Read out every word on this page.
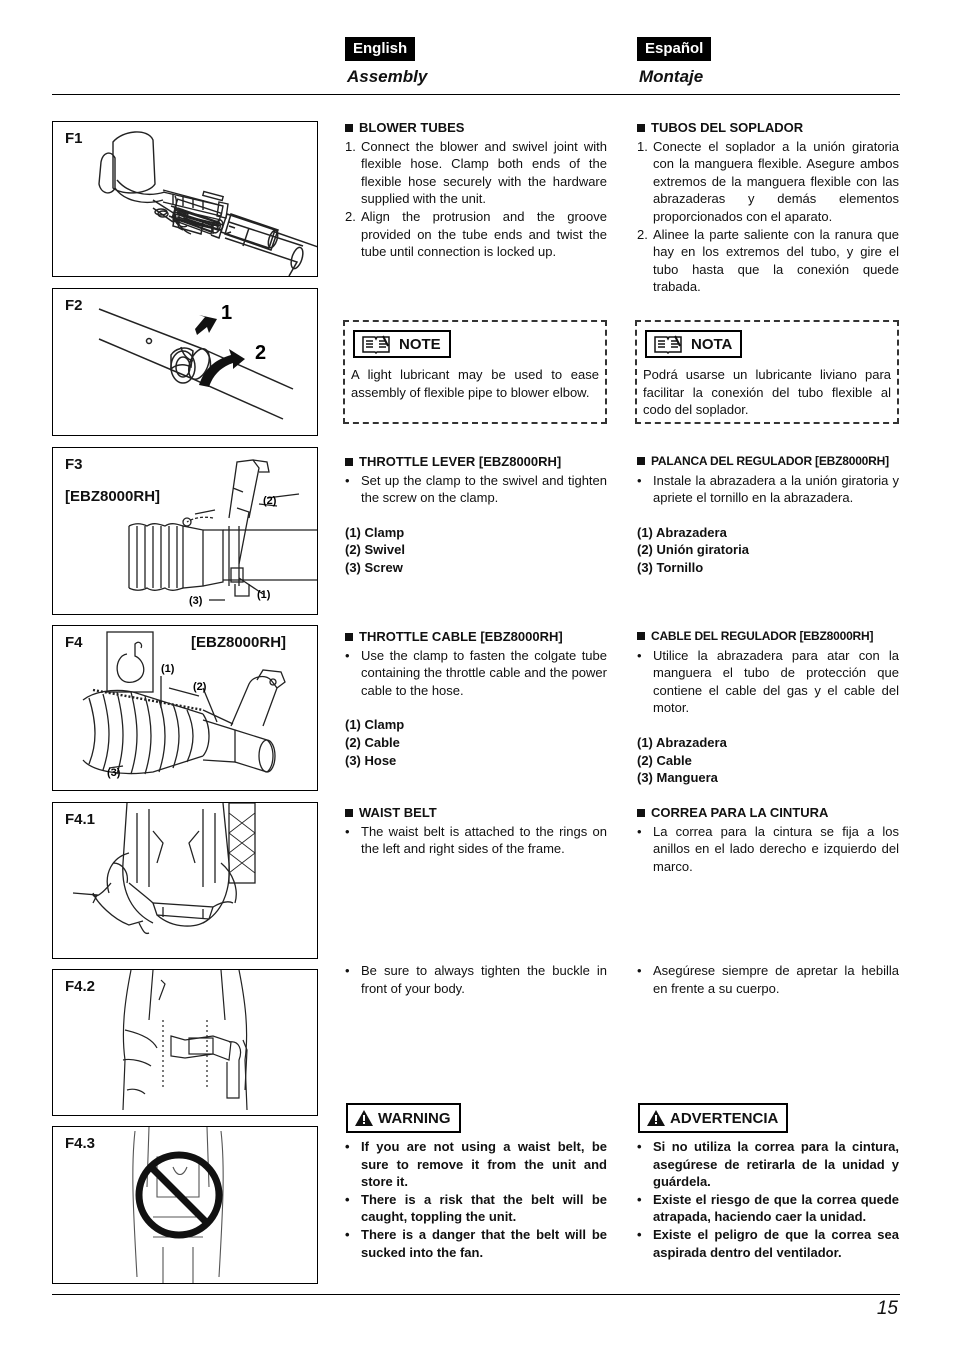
English	Español
Assembly	Montaje
F1
F2	1
2
F3
[EBZ8000RH]	(2)
(3)	(1)
F4	[EBZ8000RH]
(1)
(2)
(3)
F4.1
F4.2
F4.3
BLOWER TUBES
1. Connect the blower and swivel joint with flexible hose. Clamp both ends of the flexible hose securely with the hardware supplied with the unit.
2. Align the protrusion and the groove provided on the tube ends and twist the tube until connection is locked up.
NOTE
A light lubricant may be used to ease assembly of flexible pipe to blower elbow.
THROTTLE LEVER [EBZ8000RH]
• Set up the clamp to the swivel and tighten the screw on the clamp.
(1) Clamp
(2) Swivel
(3) Screw
THROTTLE CABLE [EBZ8000RH]
• Use the clamp to fasten the colgate tube containing the throttle cable and the power cable to the hose.
(1) Clamp
(2) Cable
(3) Hose
WAIST BELT
• The waist belt is attached to the rings on the left and right sides of the frame.
• Be sure to always tighten the buckle in front of your body.
WARNING
• If you are not using a waist belt, be sure to remove it from the unit and store it.
• There is a risk that the belt will be caught, toppling the unit.
• There is a danger that the belt will be sucked into the fan.
TUBOS DEL SOPLADOR
1. Conecte el soplador a la unión giratoria con la manguera flexible. Asegure ambos extremos de la manguera flexible con las abrazaderas y demás elementos proporcionados con el aparato.
2. Alinee la parte saliente con la ranura que hay en los extremos del tubo, y gire el tubo hasta que la conexión quede trabada.
NOTA
Podrá usarse un lubricante liviano para facilitar la conexión del tubo flexible al codo del soplador.
PALANCA DEL REGULADOR [EBZ8000RH]
• Instale la abrazadera a la unión giratoria y apriete el tornillo en la abrazadera.
(1) Abrazadera
(2) Unión giratoria
(3) Tornillo
CABLE DEL REGULADOR [EBZ8000RH]
• Utilice la abrazadera para atar con la manguera el tubo de protección que contiene el cable del gas y el cable del motor.
(1) Abrazadera
(2) Cable
(3) Manguera
CORREA PARA LA CINTURA
• La correa para la cintura se fija a los anillos en el lado derecho e izquierdo del marco.
• Asegúrese siempre de apretar la hebilla en frente a su cuerpo.
ADVERTENCIA
• Si no utiliza la correa para la cintura, asegúrese de retirarla de la unidad y guárdela.
• Existe el riesgo de que la correa quede atrapada, haciendo caer la unidad.
• Existe el peligro de que la correa sea aspirada dentro del ventilador.
15
